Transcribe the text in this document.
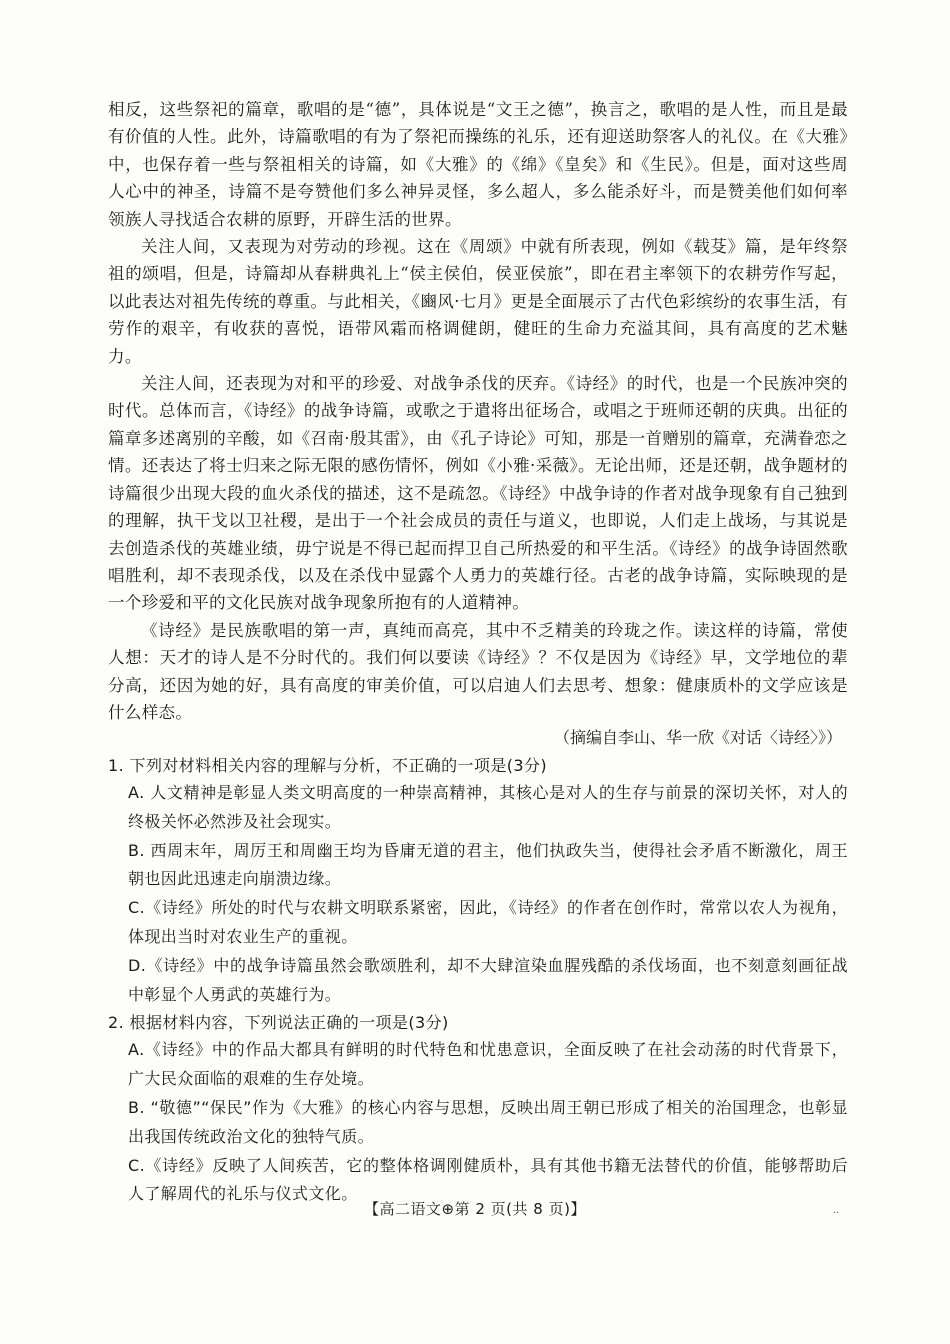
相反，这些祭祀的篇章，歌唱的是“德”，具体说是“文王之德”，换言之，歌唱的是人性，而且是最有价值的人性。此外，诗篇歌唱的有为了祭祀而操练的礼乐，还有迎送助祭客人的礼仪。在《大雅》中，也保存着一些与祭祖相关的诗篇，如《大雅》的《绵》《皇矣》和《生民》。但是，面对这些周人心中的神圣，诗篇不是夸赞他们多么神异灵怪，多么超人，多么能杀好斗，而是赞美他们如何率领族人寻找适合农耕的原野，开辟生活的世界。

关注人间，又表现为对劳动的珍视。这在《周颂》中就有所表现，例如《载芟》篇，是年终祭祖的颂唱，但是，诗篇却从春耕典礼上“侯主侯伯，侯亚侯旅”，即在君主率领下的农耕劳作写起，以此表达对祖先传统的尊重。与此相关，《豳风·七月》更是全面展示了古代色彩缤纷的农事生活，有劳作的艰辛，有收获的喜悦，语带风霜而格调健朗，健旺的生命力充溢其间，具有高度的艺术魅力。

关注人间，还表现为对和平的珍爱、对战争杀伐的厌弃。《诗经》的时代，也是一个民族冲突的时代。总体而言，《诗经》的战争诗篇，或歌之于遣将出征场合，或唱之于班师还朝的庆典。出征的篇章多述离别的辛酸，如《召南·殷其雷》，由《孔子诗论》可知，那是一首赠别的篇章，充满眷恋之情。还表达了将士归来之际无限的感伤情怀，例如《小雅·采薇》。无论出师，还是还朝，战争题材的诗篇很少出现大段的血火杀伐的描述，这不是疏忽。《诗经》中战争诗的作者对战争现象有自己独到的理解，执干戈以卫社稷，是出于一个社会成员的责任与道义，也即说，人们走上战场，与其说是去创造杀伐的英雄业绩，毋宁说是不得已起而捍卫自己所热爱的和平生活。《诗经》的战争诗固然歌唱胜利，却不表现杀伐，以及在杀伐中显露个人勇力的英雄行径。古老的战争诗篇，实际映现的是一个珍爱和平的文化民族对战争现象所抱有的人道精神。

《诗经》是民族歌唱的第一声，真纯而高亮，其中不乏精美的玲珑之作。读这样的诗篇，常使人想：天才的诗人是不分时代的。我们何以要读《诗经》？不仅是因为《诗经》早，文学地位的辈分高，还因为她的好，具有高度的审美价值，可以启迪人们去思考、想象：健康质朴的文学应该是什么样态。

（摘编自李山、华一欣《对话〈诗经〉》）

1. 下列对材料相关内容的理解与分析，不正确的一项是(3分)

A. 人文精神是彰显人类文明高度的一种崇高精神，其核心是对人的生存与前景的深切关怀，对人的终极关怀必然涉及社会现实。

B. 西周末年，周厉王和周幽王均为昏庸无道的君主，他们执政失当，使得社会矛盾不断激化，周王朝也因此迅速走向崩溃边缘。

C.《诗经》所处的时代与农耕文明联系紧密，因此，《诗经》的作者在创作时，常常以农人为视角，体现出当时对农业生产的重视。

D.《诗经》中的战争诗篇虽然会歌颂胜利，却不大肆渲染血腥残酷的杀伐场面，也不刻意刻画征战中彰显个人勇武的英雄行为。

2. 根据材料内容，下列说法正确的一项是(3分)

A.《诗经》中的作品大都具有鲜明的时代特色和忧患意识，全面反映了在社会动荡的时代背景下，广大民众面临的艰难的生存处境。

B. “敬德”“保民”作为《大雅》的核心内容与思想，反映出周王朝已形成了相关的治国理念，也彰显出我国传统政治文化的独特气质。

C.《诗经》反映了人间疾苦，它的整体格调刚健质朴，具有其他书籍无法替代的价值，能够帮助后人了解周代的礼乐与仪式文化。

【高二语文⊕第 2 页(共 8 页)】	··
